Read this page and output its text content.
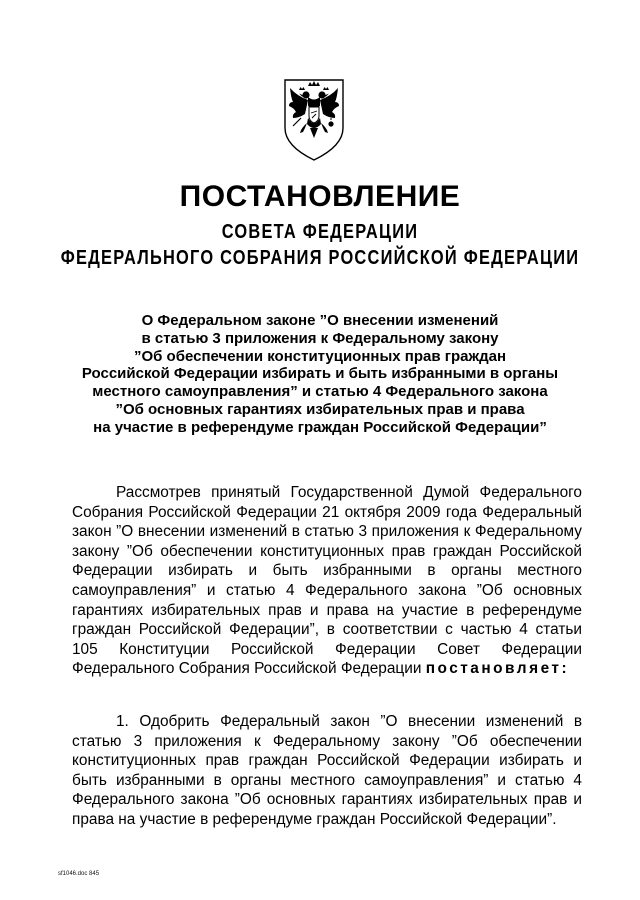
ПОСТАНОВЛЕНИЕ
СОВЕТА ФЕДЕРАЦИИ
ФЕДЕРАЛЬНОГО СОБРАНИЯ РОССИЙСКОЙ ФЕДЕРАЦИИ
О Федеральном законе ”О внесении изменений
в статью 3 приложения к Федеральному закону
”Об обеспечении конституционных прав граждан
Российской Федерации избирать и быть избранными в органы
местного самоуправления” и статью 4 Федерального закона
”Об основных гарантиях избирательных прав и права
на участие в референдуме граждан Российской Федерации”

Рассмотрев принятый Государственной Думой Федерального Собрания Российской Федерации 21 октября 2009 года Федеральный закон ”О внесении изменений в статью 3 приложения к Федеральному закону ”Об обеспечении конституционных прав граждан Российской Федерации избирать и быть избранными в органы местного самоуправления” и статью 4 Федерального закона ”Об основных гарантиях избирательных прав и права на участие в референдуме граждан Российской Федерации”, в соответствии с частью 4 статьи 105 Конституции Российской Федерации Совет Федерации Федерального Собрания Российской Федерации постановляет:

1. Одобрить Федеральный закон ”О внесении изменений в статью 3 приложения к Федеральному закону ”Об обеспечении конституционных прав граждан Российской Федерации избирать и быть избранными в органы местного самоуправления” и статью 4 Федерального закона ”Об основных гарантиях избирательных прав и права на участие в референдуме граждан Российской Федерации”.

sf1046.doc 845
